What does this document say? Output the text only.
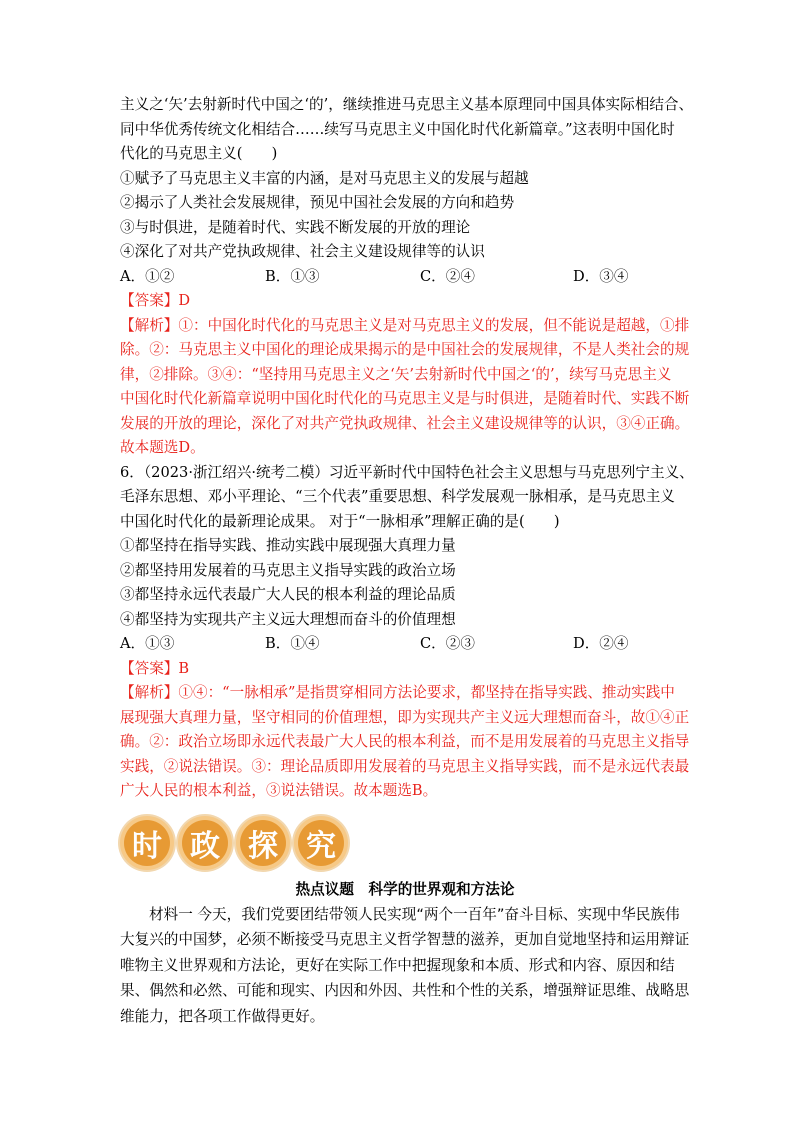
主义之‘矢’去射新时代中国之‘的’，继续推进马克思主义基本原理同中国具体实际相结合、
同中华优秀传统文化相结合……续写马克思主义中国化时代化新篇章。”这表明中国化时
代化的马克思主义(　　)
①赋予了马克思主义丰富的内涵，是对马克思主义的发展与超越
②揭示了人类社会发展规律，预见中国社会发展的方向和趋势
③与时俱进，是随着时代、实践不断发展的开放的理论
④深化了对共产党执政规律、社会主义建设规律等的认识
A．①②	B．①③	C．②④	D．③④
【答案】D
【解析】①：中国化时代化的马克思主义是对马克思主义的发展，但不能说是超越，①排
除。②：马克思主义中国化的理论成果揭示的是中国社会的发展规律，不是人类社会的规
律，②排除。③④：“坚持用马克思主义之‘矢’去射新时代中国之‘的’，续写马克思主义
中国化时代化新篇章说明中国化时代化的马克思主义是与时俱进，是随着时代、实践不断
发展的开放的理论，深化了对共产党执政规律、社会主义建设规律等的认识，③④正确。
故本题选D。
6．（2023·浙江绍兴·统考二模）习近平新时代中国特色社会主义思想与马克思列宁主义、
毛泽东思想、邓小平理论、“三个代表”重要思想、科学发展观一脉相承，是马克思主义
中国化时代化的最新理论成果。 对于“一脉相承”理解正确的是(　　)
①都坚持在指导实践、推动实践中展现强大真理力量
②都坚持用发展着的马克思主义指导实践的政治立场
③都坚持永远代表最广大人民的根本利益的理论品质
④都坚持为实现共产主义远大理想而奋斗的价值理想
A．①③	B．①④	C．②③	D．②④
【答案】B
【解析】①④：“一脉相承”是指贯穿相同方法论要求，都坚持在指导实践、推动实践中
展现强大真理力量，坚守相同的价值理想，即为实现共产主义远大理想而奋斗，故①④正
确。②：政治立场即永远代表最广大人民的根本利益，而不是用发展着的马克思主义指导
实践，②说法错误。③：理论品质即用发展着的马克思主义指导实践，而不是永远代表最
广大人民的根本利益，③说法错误。故本题选B。
时 政 探 究
热点议题　科学的世界观和方法论
材料一 今天，我们党要团结带领人民实现“两个一百年”奋斗目标、实现中华民族伟大复兴的中国梦，必须不断接受马克思主义哲学智慧的滋养，更加自觉地坚持和运用辩证唯物主义世界观和方法论，更好在实际工作中把握现象和本质、形式和内容、原因和结果、偶然和必然、可能和现实、内因和外因、共性和个性的关系，增强辩证思维、战略思维能力，把各项工作做得更好。
